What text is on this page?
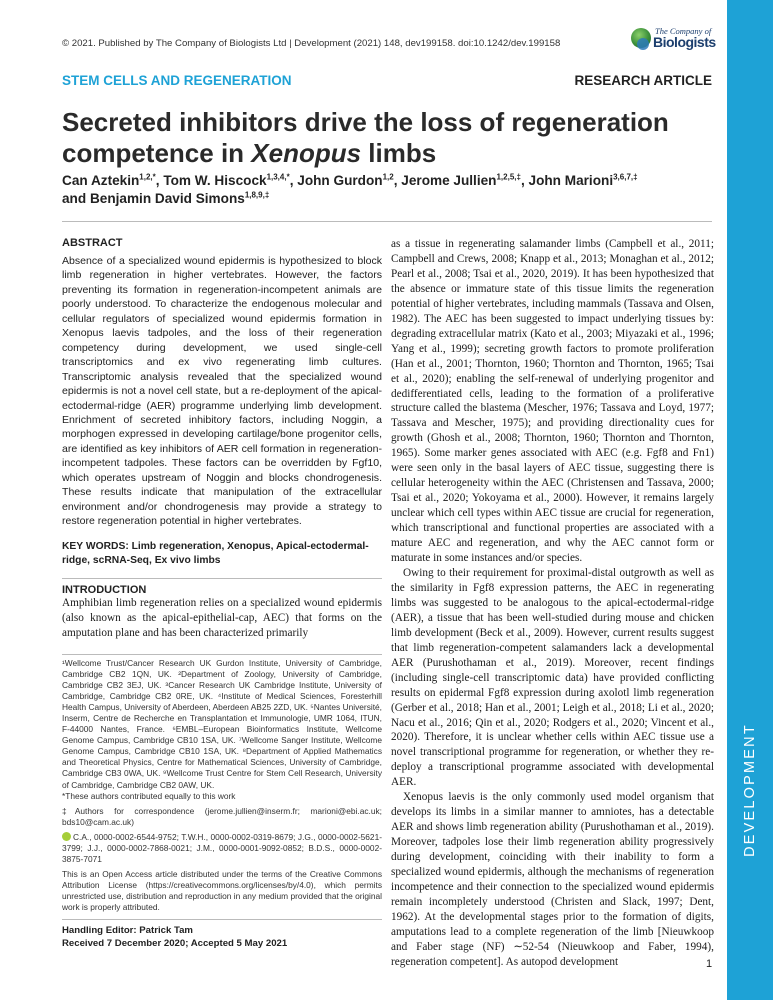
© 2021. Published by The Company of Biologists Ltd | Development (2021) 148, dev199158. doi:10.1242/dev.199158
The Company of
Biologists
DEVELOPMENT
STEM CELLS AND REGENERATION	RESEARCH ARTICLE
Secreted inhibitors drive the loss of regeneration competence in Xenopus limbs
Can Aztekin$^{1,2,*}$, Tom W. Hiscock$^{1,3,4,*}$, John Gurdon$^{1,2}$, Jerome Jullien$^{1,2,5,\ddagger}$, John Marioni$^{3,6,7,\ddagger}$
and Benjamin David Simons$^{1,8,9,\ddagger}$
ABSTRACT
Absence of a specialized wound epidermis is hypothesized to block limb regeneration in higher vertebrates. However, the factors preventing its formation in regeneration-incompetent animals are poorly understood. To characterize the endogenous molecular and cellular regulators of specialized wound epidermis formation in Xenopus laevis tadpoles, and the loss of their regeneration competency during development, we used single-cell transcriptomics and ex vivo regenerating limb cultures. Transcriptomic analysis revealed that the specialized wound epidermis is not a novel cell state, but a re-deployment of the apical-ectodermal-ridge (AER) programme underlying limb development. Enrichment of secreted inhibitory factors, including Noggin, a morphogen expressed in developing cartilage/bone progenitor cells, are identified as key inhibitors of AER cell formation in regeneration-incompetent tadpoles. These factors can be overridden by Fgf10, which operates upstream of Noggin and blocks chondrogenesis. These results indicate that manipulation of the extracellular environment and/or chondrogenesis may provide a strategy to restore regeneration potential in higher vertebrates.
KEY WORDS: Limb regeneration, Xenopus, Apical-ectodermal-ridge, scRNA-Seq, Ex vivo limbs
INTRODUCTION

Amphibian limb regeneration relies on a specialized wound epidermis (also known as the apical-epithelial-cap, AEC) that forms on the amputation plane and has been characterized primarily

as a tissue in regenerating salamander limbs (Campbell et al., 2011; Campbell and Crews, 2008; Knapp et al., 2013; Monaghan et al., 2012; Pearl et al., 2008; Tsai et al., 2020, 2019). It has been hypothesized that the absence or immature state of this tissue limits the regeneration potential of higher vertebrates, including mammals (Tassava and Olsen, 1982). The AEC has been suggested to impact underlying tissues by: degrading extracellular matrix (Kato et al., 2003; Miyazaki et al., 1996; Yang et al., 1999); secreting growth factors to promote proliferation (Han et al., 2001; Thornton, 1960; Thornton and Thornton, 1965; Tsai et al., 2020); enabling the self-renewal of underlying progenitor and dedifferentiated cells, leading to the formation of a proliferative structure called the blastema (Mescher, 1976; Tassava and Loyd, 1977; Tassava and Mescher, 1975); and providing directionality cues for growth (Ghosh et al., 2008; Thornton, 1960; Thornton and Thornton, 1965). Some marker genes associated with AEC (e.g. Fgf8 and Fn1) were seen only in the basal layers of AEC tissue, suggesting there is cellular heterogeneity within the AEC (Christensen and Tassava, 2000; Tsai et al., 2020; Yokoyama et al., 2000). However, it remains largely unclear which cell types within AEC tissue are crucial for regeneration, which transcriptional and functional properties are associated with a mature AEC and regeneration, and why the AEC cannot form or maturate in some instances and/or species.

Owing to their requirement for proximal-distal outgrowth as well as the similarity in Fgf8 expression patterns, the AEC in regenerating limbs was suggested to be analogous to the apical-ectodermal-ridge (AER), a tissue that has been well-studied during mouse and chicken limb development (Beck et al., 2009). However, current results suggest that limb regeneration-competent salamanders lack a developmental AER (Purushothaman et al., 2019). Moreover, recent findings (including single-cell transcriptomic data) have provided conflicting results on epidermal Fgf8 expression during axolotl limb regeneration (Gerber et al., 2018; Han et al., 2001; Leigh et al., 2018; Li et al., 2020; Nacu et al., 2016; Qin et al., 2020; Rodgers et al., 2020; Vincent et al., 2020). Therefore, it is unclear whether cells within AEC tissue use a novel transcriptional programme for regeneration, or whether they re-deploy a transcriptional programme associated with developmental AER.

Xenopus laevis is the only commonly used model organism that develops its limbs in a similar manner to amniotes, has a detectable AER and shows limb regeneration ability (Purushothaman et al., 2019). Moreover, tadpoles lose their limb regeneration ability progressively during development, coinciding with their inability to form a specialized wound epidermis, although the mechanisms of regeneration incompetence and their connection to the specialized wound epidermis remain incompletely understood (Christen and Slack, 1997; Dent, 1962). At the developmental stages prior to the formation of digits, amputations lead to a complete regeneration of the limb [Nieuwkoop and Faber stage (NF) ∼52-54 (Nieuwkoop and Faber, 1994), regeneration competent]. As autopod development

¹Wellcome Trust/Cancer Research UK Gurdon Institute, University of Cambridge, Cambridge CB2 1QN, UK. ²Department of Zoology, University of Cambridge, Cambridge CB2 3EJ, UK. ³Cancer Research UK Cambridge Institute, University of Cambridge, Cambridge CB2 0RE, UK. ⁴Institute of Medical Sciences, Foresterhill Health Campus, University of Aberdeen, Aberdeen AB25 2ZD, UK. ⁵Nantes Université, Inserm, Centre de Recherche en Transplantation et Immunologie, UMR 1064, ITUN, F-44000 Nantes, France. ⁶EMBL–European Bioinformatics Institute, Wellcome Genome Campus, Cambridge CB10 1SA, UK. ⁷Wellcome Sanger Institute, Wellcome Genome Campus, Cambridge CB10 1SA, UK. ⁸Department of Applied Mathematics and Theoretical Physics, Centre for Mathematical Sciences, University of Cambridge, Cambridge CB3 0WA, UK. ⁹Wellcome Trust Centre for Stem Cell Research, University of Cambridge, Cambridge CB2 0AW, UK.

*These authors contributed equally to this work

‡Authors for correspondence (jerome.jullien@inserm.fr; marioni@ebi.ac.uk; bds10@cam.ac.uk)

C.A., 0000-0002-6544-9752; T.W.H., 0000-0002-0319-8679; J.G., 0000-0002-5621-3799; J.J., 0000-0002-7868-0021; J.M., 0000-0001-9092-0852; B.D.S., 0000-0002-3875-7071

This is an Open Access article distributed under the terms of the Creative Commons Attribution License (https://creativecommons.org/licenses/by/4.0), which permits unrestricted use, distribution and reproduction in any medium provided that the original work is properly attributed.

Handling Editor: Patrick Tam
Received 7 December 2020; Accepted 5 May 2021
1
